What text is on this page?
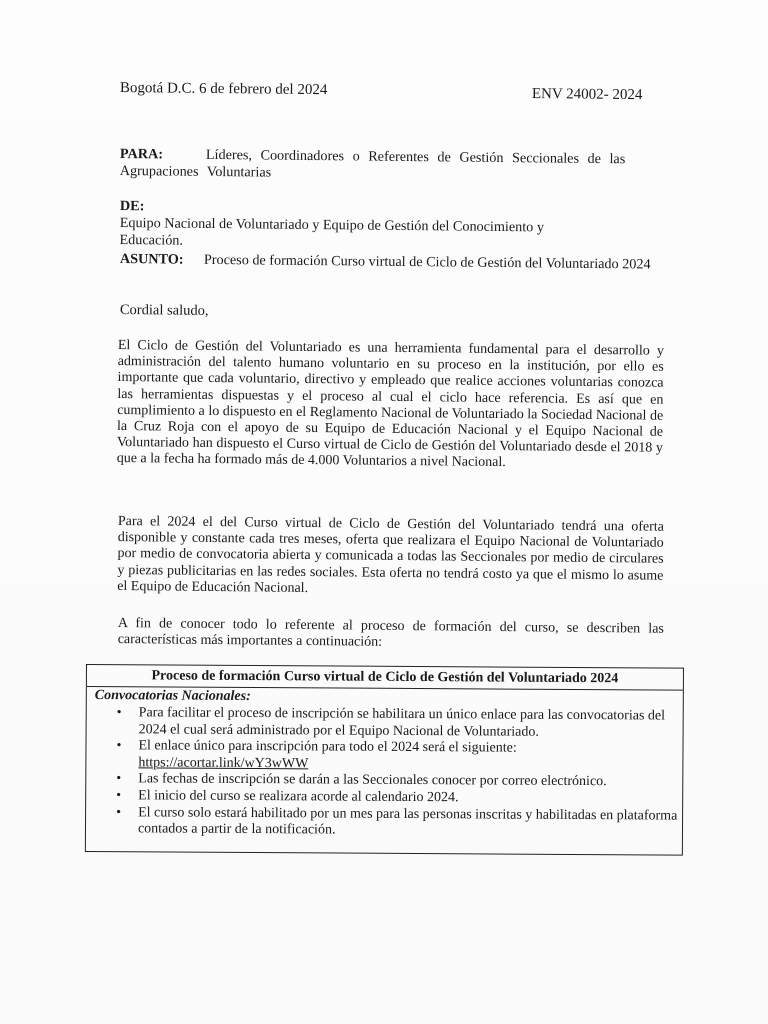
Bogotá D.C. 6 de febrero del 2024	ENV 24002- 2024
PARA:	Líderes, Coordinadores o Referentes de Gestión Seccionales de las Agrupaciones Voluntarias
DE:Equipo Nacional de Voluntariado y Equipo de Gestión del Conocimiento y Educación.
ASUNTO: Proceso de formación Curso virtual de Ciclo de Gestión del Voluntariado 2024
Cordial saludo,
El Ciclo de Gestión del Voluntariado es una herramienta fundamental para el desarrollo y administración del talento humano voluntario en su proceso en la institución, por ello es importante que cada voluntario, directivo y empleado que realice acciones voluntarias conozca las herramientas dispuestas y el proceso al cual el ciclo hace referencia. Es así que en cumplimiento a lo dispuesto en el Reglamento Nacional de Voluntariado la Sociedad Nacional de la Cruz Roja con el apoyo de su Equipo de Educación Nacional y el Equipo Nacional de Voluntariado han dispuesto el Curso virtual de Ciclo de Gestión del Voluntariado desde el 2018 y que a la fecha ha formado más de 4.000 Voluntarios a nivel Nacional.
Para el 2024 el del Curso virtual de Ciclo de Gestión del Voluntariado tendrá una oferta disponible y constante cada tres meses, oferta que realizara el Equipo Nacional de Voluntariado por medio de convocatoria abierta y comunicada a todas las Seccionales por medio de circulares y piezas publicitarias en las redes sociales. Esta oferta no tendrá costo ya que el mismo lo asume el Equipo de Educación Nacional.
A fin de conocer todo lo referente al proceso de formación del curso, se describen las características más importantes a continuación:
Proceso de formación Curso virtual de Ciclo de Gestión del Voluntariado 2024
Convocatorias Nacionales:
• Para facilitar el proceso de inscripción se habilitara un único enlace para las convocatorias del 2024 el cual será administrado por el Equipo Nacional de Voluntariado.
• El enlace único para inscripción para todo el 2024 será el siguiente:
https://acortar.link/wY3wWW
• Las fechas de inscripción se darán a las Seccionales conocer por correo electrónico.
• El inicio del curso se realizara acorde al calendario 2024.
• El curso solo estará habilitado por un mes para las personas inscritas y habilitadas en plataforma contados a partir de la notificación.
